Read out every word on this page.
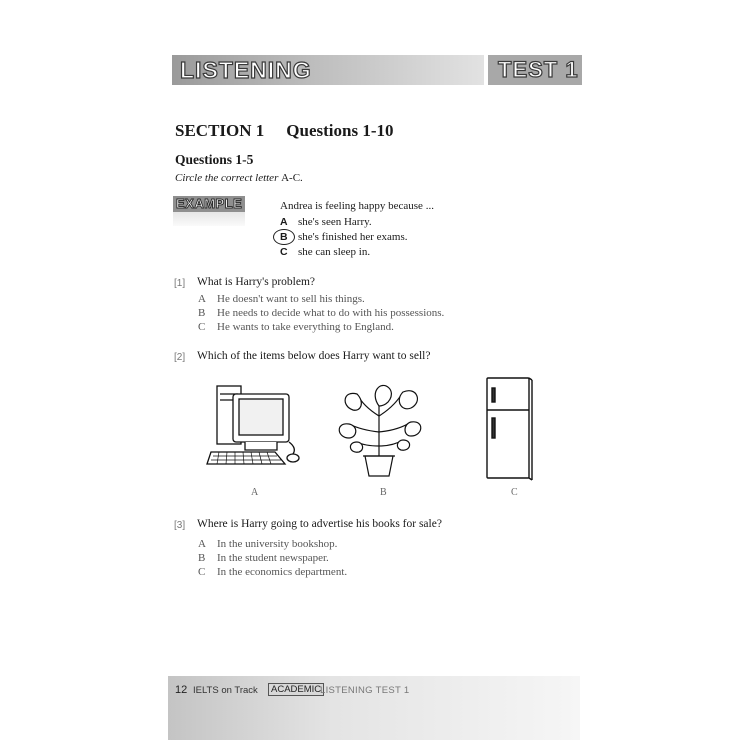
LISTENING	TEST 1
SECTION 1 Questions 1-10
Questions 1-5
Circle the correct letter A-C.
EXAMPLE	Andrea is feeling happy because ...
A she's seen Harry.
B she's finished her exams.
C she can sleep in.
[1] What is Harry's problem?
A He doesn't want to sell his things.
B He needs to decide what to do with his possessions.
C He wants to take everything to England.
[2] Which of the items below does Harry want to sell?
A	B	C
[3] Where is Harry going to advertise his books for sale?
A In the university bookshop.
B In the student newspaper.
C In the economics department.
12 IELTS on Track	ACADEMIC
LISTENING TEST 1
